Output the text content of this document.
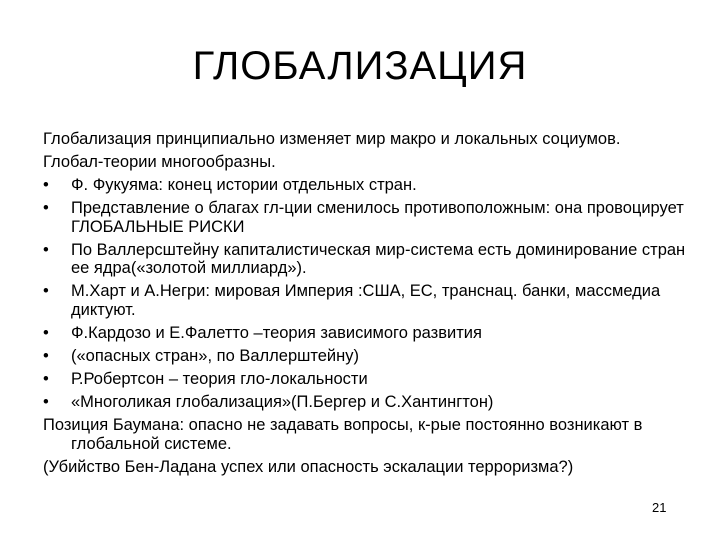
ГЛОБАЛИЗАЦИЯ

Глобализация принципиально изменяет мир макро и локальных социумов.

Глобал-теории многообразны.

•	Ф. Фукуяма: конец истории отдельных стран.
•	Представление о благах гл-ции сменилось противоположным: она провоцирует ГЛОБАЛЬНЫЕ РИСКИ
•	По Валлерсштейну капиталистическая мир-система есть доминирование стран ее ядра(«золотой миллиард»).
•	М.Харт и А.Негри: мировая Империя :США, ЕС, транснац. банки, массмедиа диктуют.
•	Ф.Кардозо и Е.Фалетто –теория зависимого развития
•	(«опасных стран», по Валлерштейну)
•	Р.Робертсон – теория гло-локальности
•	«Многоликая глобализация»(П.Бергер и С.Хантингтон)

Позиция Баумана: опасно не задавать вопросы, к-рые постоянно возникают в глобальной системе.

(Убийство Бен-Ладана успех или опасность эскалации терроризма?)

21
